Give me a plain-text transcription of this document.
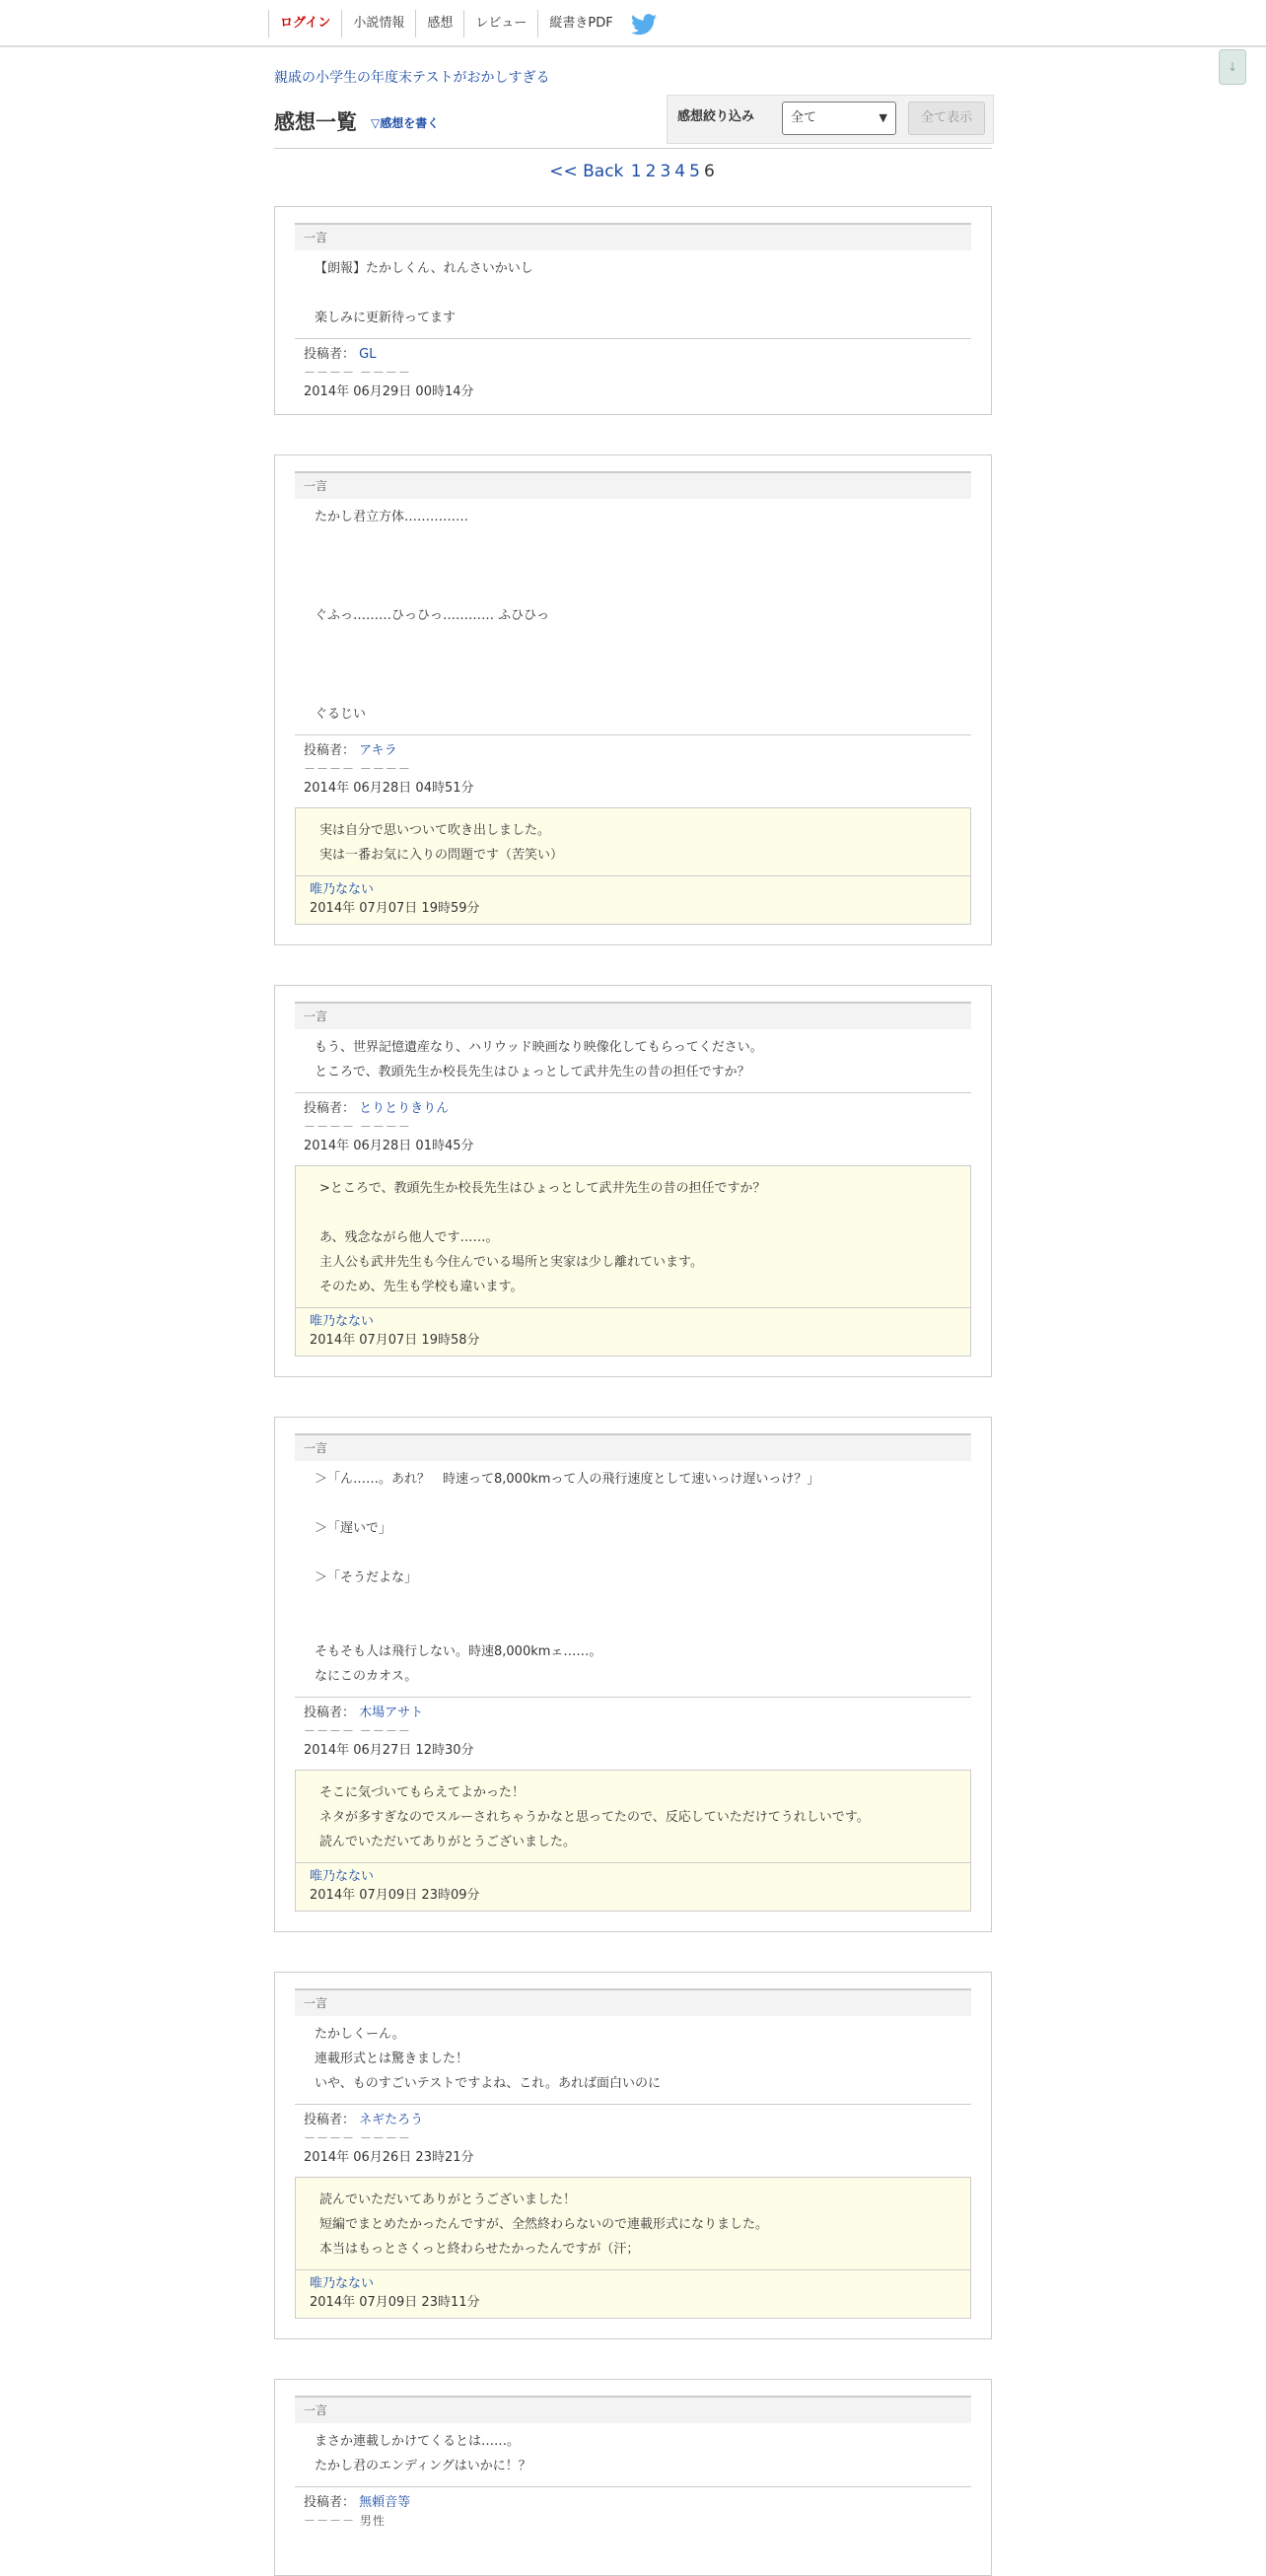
ログイン	小説情報	感想	レビュー	縦書きPDF
↓
親戚の小学生の年度末テストがおかしすぎる
感想一覧 ▽感想を書く	感想絞り込み	全て	▼	全て表示
<< Back 1 2 3 4 5 6
一言
【朗報】たかしくん、れんさいかいし

楽しみに更新待ってます
投稿者： GL
－－－－ －－－－
2014年 06月29日 00時14分
一言
たかし君立方体……………

ぐふっ………ひっひっ………… ふひひっ

ぐるじい
投稿者： アキラ
－－－－ －－－－
2014年 06月28日 04時51分
実は自分で思いついて吹き出しました。
実は一番お気に入りの問題です（苦笑い）
唯乃なない
2014年 07月07日 19時59分
一言
もう、世界記憶遺産なり、ハリウッド映画なり映像化してもらってください。
ところで、教頭先生か校長先生はひょっとして武井先生の昔の担任ですか？
投稿者： とりとりきりん
－－－－ －－－－
2014年 06月28日 01時45分
>ところで、教頭先生か校長先生はひょっとして武井先生の昔の担任ですか？

あ、残念ながら他人です……。
主人公も武井先生も今住んでいる場所と実家は少し離れています。
そのため、先生も学校も違います。
唯乃なない
2014年 07月07日 19時58分
一言
＞「ん……。あれ？　時速って8,000kmって人の飛行速度として速いっけ遅いっけ？」

＞「遅いで」

＞「そうだよな」

そもそも人は飛行しない。時速8,000kmェ……。
なにこのカオス。
投稿者： 木場アサト
－－－－ －－－－
2014年 06月27日 12時30分
そこに気づいてもらえてよかった！
ネタが多すぎなのでスルーされちゃうかなと思ってたので、反応していただけてうれしいです。
読んでいただいてありがとうございました。
唯乃なない
2014年 07月09日 23時09分
一言
たかしくーん。
連載形式とは驚きました！
いや、ものすごいテストですよね、これ。あれば面白いのに
投稿者： ネギたろう
－－－－ －－－－
2014年 06月26日 23時21分
読んでいただいてありがとうございました！
短編でまとめたかったんですが、全然終わらないので連載形式になりました。
本当はもっとさくっと終わらせたかったんですが（汗；
唯乃なない
2014年 07月09日 23時11分
一言
まさか連載しかけてくるとは……。
たかし君のエンディングはいかに！？
投稿者： 無頼音等
－－－－ 男性
